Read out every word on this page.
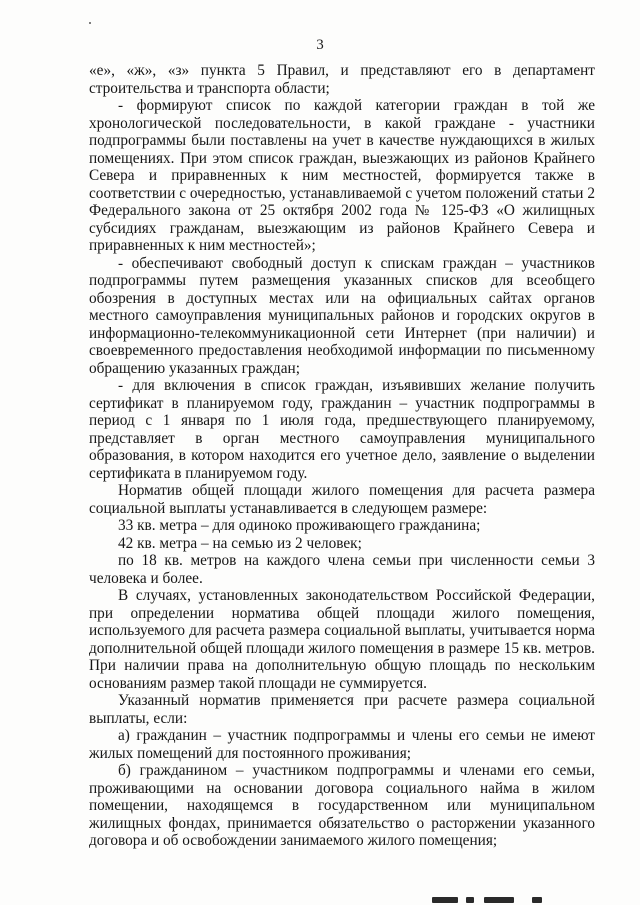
3

«е», «ж», «з» пункта 5 Правил, и представляют его в департамент строительства и транспорта области;

- формируют список по каждой категории граждан в той же хронологической последовательности, в какой граждане - участники подпрограммы были поставлены на учет в качестве нуждающихся в жилых помещениях. При этом список граждан, выезжающих из районов Крайнего Севера и приравненных к ним местностей, формируется также в соответствии с очередностью, устанавливаемой с учетом положений статьи 2 Федерального закона от 25 октября 2002 года № 125-ФЗ «О жилищных субсидиях гражданам, выезжающим из районов Крайнего Севера и приравненных к ним местностей»;

- обеспечивают свободный доступ к спискам граждан – участников подпрограммы путем размещения указанных списков для всеобщего обозрения в доступных местах или на официальных сайтах органов местного самоуправления муниципальных районов и городских округов в информационно-телекоммуникационной сети Интернет (при наличии) и своевременного предоставления необходимой информации по письменному обращению указанных граждан;

- для включения в список граждан, изъявивших желание получить сертификат в планируемом году, гражданин – участник подпрограммы в период с 1 января по 1 июля года, предшествующего планируемому, представляет в орган местного самоуправления муниципального образования, в котором находится его учетное дело, заявление о выделении сертификата в планируемом году.

Норматив общей площади жилого помещения для расчета размера социальной выплаты устанавливается в следующем размере:

33 кв. метра – для одиноко проживающего гражданина;

42 кв. метра – на семью из 2 человек;

по 18 кв. метров на каждого члена семьи при численности семьи 3 человека и более.

В случаях, установленных законодательством Российской Федерации, при определении норматива общей площади жилого помещения, используемого для расчета размера социальной выплаты, учитывается норма дополнительной общей площади жилого помещения в размере 15 кв. метров. При наличии права на дополнительную общую площадь по нескольким основаниям размер такой площади не суммируется.

Указанный норматив применяется при расчете размера социальной выплаты, если:

а) гражданин – участник подпрограммы и члены его семьи не имеют жилых помещений для постоянного проживания;

б) гражданином – участником подпрограммы и членами его семьи, проживающими на основании договора социального найма в жилом помещении, находящемся в государственном или муниципальном жилищных фондах, принимается обязательство о расторжении указанного договора и об освобождении занимаемого жилого помещения;
